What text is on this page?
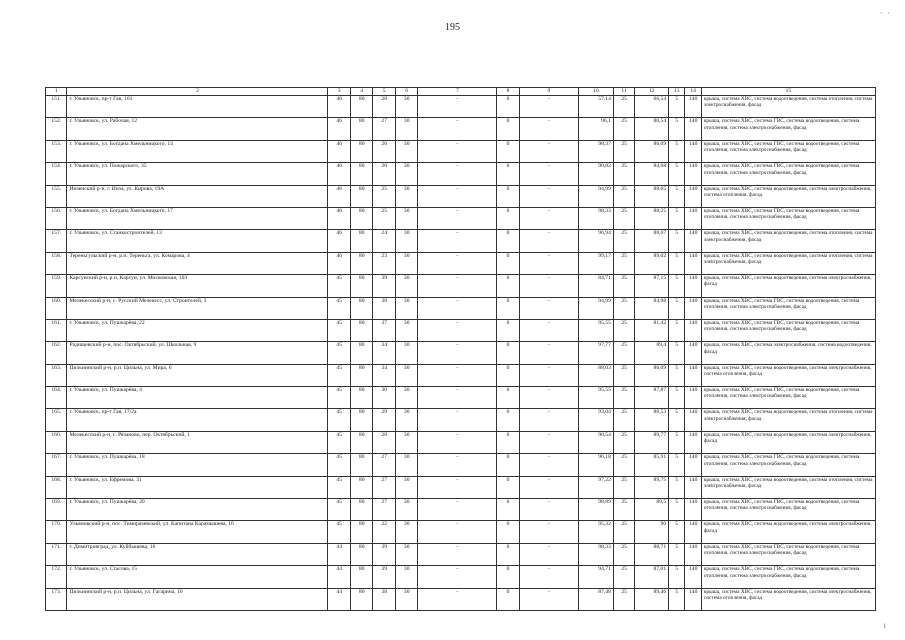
195
· ·
ı
1	2	3	4	5	6	7	8	9	10	11	12	13	14	15
151.	г. Ульяновск, пр-т Гая, 101	46	80	28	30	-	0	-	57,14	25	66,54	5	140	крыша, система ХВС, система водоотведения, система отопления, система электроснабжения, фасад
152.	г. Ульяновск, ул. Рабочая, 12	46	80	27	30	-	0	-	96,1	25	80,54	5	140	крыша, система ХВС, система ГВС, система водоотведения, система отопления, система электроснабжения, фасад
153.	г. Ульяновск, ул. Богдана Хмельницкого, 14	46	80	26	30	-	0	-	98,37	25	86,09	5	140	крыша, система ХВС, система ГВС, система водоотведения, система отопления, система электроснабжения, фасад
154.	г. Ульяновск, ул. Пожарского, 35	46	80	26	30	-	0	-	90,82	25	84,68	5	140	крыша, система ХВС, система ГВС, система водоотведения, система отопления, система электроснабжения, фасад
155.	Инзенский р-н, г. Инза, ул. Кирова, 19А	46	80	25	30	-	0	-	94,99	25	88,65	5	140	крыша, система ХВС, система водоотведения, система электроснабжения, система отопления, фасад
156.	г. Ульяновск, ул. Богдана Хмельницкого, 17	46	80	25	30	-	0	-	98,33	25	88,25	5	140	крыша, система ХВС, система ГВС, система водоотведения, система отопления, система электроснабжения, фасад
157.	г. Ульяновск, ул. Станкостроителей, 13	46	80	24	30	-	0	-	96,94	25	88,67	5	140	крыша, система ХВС, система водоотведения, система отопления, система электроснабжения, фасад
158.	Тереньгульский р-н, р.п. Тереньга, ул. Комарова, 4	46	80	23	30	-	0	-	99,17	25	89,02	5	140	крыша, система ХВС, система водоотведения, система отопления, система электроснабжения, фасад
159.	Карсунский р-н, р.п. Карсун, ул. Московская, 103	45	80	39	30	-	0	-	84,71	25	87,15	5	140	крыша, система ХВС, система водоотведения, система электроснабжения, фасад
160.	Мелекесский р-н, с. Русский Мелекесс, ул. Строителей, 3	45	80	38	30	-	0	-	94,99	25	84,98	5	140	крыша, система ХВС, система ГВС, система водоотведения, система отопления, система электроснабжения, фасад
161.	г. Ульяновск, ул. Пушкарёва, 22	45	80	37	30	-	0	-	95,55	25	81,42	5	140	крыша, система ХВС, система ГВС, система водоотведения, система отопления, система электроснабжения, фасад
162.	Радищевский р-н, пос. Октябрьский, ул. Школьная, 9	45	80	34	30	-	0	-	97,77	25	89,4	5	140	крыша, система ХВС, система электроснабжения, система водоотведения, фасад
163.	Цильнинский р-н, р.п. Цильна, ул. Мира, 6	45	80	34	30	-	0	-	88,03	25	86,09	5	140	крыша, система ХВС, система водоотведения, система электроснабжения, система отопления, фасад
164.	г. Ульяновск, ул. Пушкарёва, 4	45	80	30	30	-	0	-	95,55	25	87,87	5	140	крыша, система ХВС, система ГВС, система водоотведения, система отопления, система электроснабжения, фасад
165.	г. Ульяновск, пр-т Гая, 17/2а	45	80	29	30	-	0	-	93,04	25	88,53	5	140	крыша, система ХВС, система водоотведения, система отопления, система электроснабжения, фасад
166.	Мелекесский р-н, с. Рязаново, пер. Октябрьский, 1	45	80	28	30	-	0	-	90,54	25	89,77	5	140	крыша, система ХВС, система водоотведения, система электроснабжения, фасад
167.	г. Ульяновск, ул. Пушкарёва, 18	45	80	27	30	-	0	-	96,18	25	85,91	5	140	крыша, система ХВС, система ГВС, система водоотведения, система отопления, система электроснабжения, фасад
168.	г. Ульяновск, ул. Ефремова, 31	45	80	27	30	-	0	-	97,22	25	89,75	5	140	крыша, система ХВС, система водоотведения, система отопления, система электроснабжения, фасад
169.	г. Ульяновск, ул. Пушкарёва, 20	45	80	27	30	-	0	-	98,89	25	89,5	5	140	крыша, система ХВС, система ГВС, система водоотведения, система отопления, система электроснабжения, фасад
170.	Ульяновский р-н, пос. Тимирязевский, ул. Капитана Карамышева, 16	45	80	22	30	-	0	-	95,32	25	90	5	140	крыша, система ХВС, система водоотведения, система электроснабжения, фасад
171.	г. Димитровград, ул. Куйбышева, 16	44	80	39	30	-	0	-	98,33	25	88,71	5	140	крыша, система ХВС, система ГВС, система водоотведения, система отопления, система электроснабжения, фасад
172.	г. Ульяновск, ул. Стасова, 15	44	80	39	30	-	0	-	94,71	25	87,01	5	140	крыша, система ХВС, система ГВС, система водоотведения, система отопления, система электроснабжения, фасад
173.	Цильнинский р-н, р.п. Цильна, ул. Гагарина, 10	44	80	38	30	-	0	-	87,48	25	89,46	5	140	крыша, система ХВС, система водоотведения, система электроснабжения, система отопления, фасад
